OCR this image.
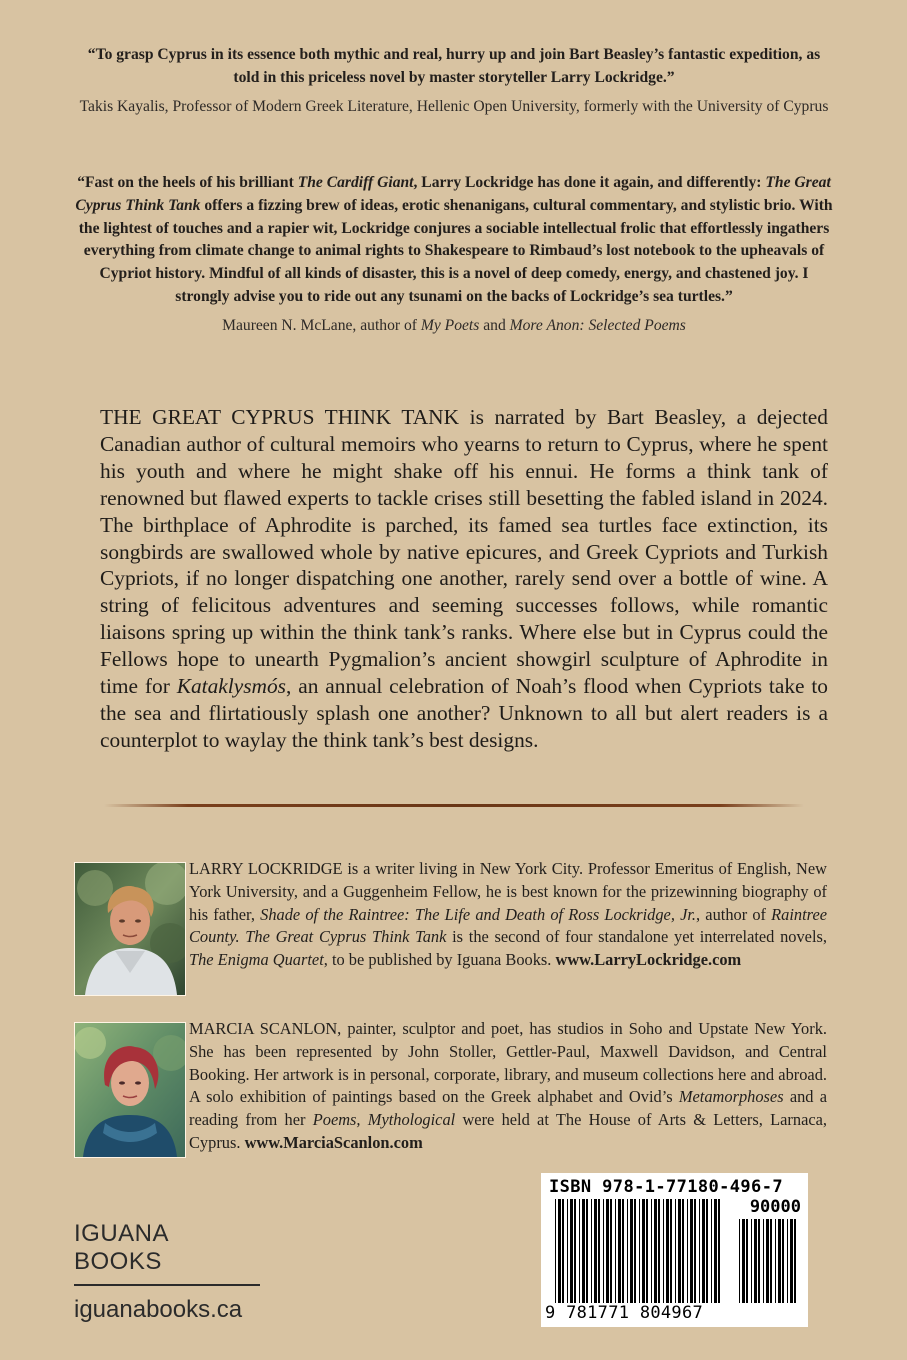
“To grasp Cyprus in its essence both mythic and real, hurry up and join Bart Beasley’s fantastic expedition, as told in this priceless novel by master storyteller Larry Lockridge.”
Takis Kayalis, Professor of Modern Greek Literature, Hellenic Open University, formerly with the University of Cyprus
“Fast on the heels of his brilliant The Cardiff Giant, Larry Lockridge has done it again, and differently: The Great Cyprus Think Tank offers a fizzing brew of ideas, erotic shenanigans, cultural commentary, and stylistic brio. With the lightest of touches and a rapier wit, Lockridge conjures a sociable intellectual frolic that effortlessly ingathers everything from climate change to animal rights to Shakespeare to Rimbaud’s lost notebook to the upheavals of Cypriot history. Mindful of all kinds of disaster, this is a novel of deep comedy, energy, and chastened joy. I strongly advise you to ride out any tsunami on the backs of Lockridge’s sea turtles.”
Maureen N. McLane, author of My Poets and More Anon: Selected Poems
THE GREAT CYPRUS THINK TANK is narrated by Bart Beasley, a dejected Canadian author of cultural memoirs who yearns to return to Cyprus, where he spent his youth and where he might shake off his ennui. He forms a think tank of renowned but flawed experts to tackle crises still besetting the fabled island in 2024. The birthplace of Aphrodite is parched, its famed sea turtles face extinction, its songbirds are swallowed whole by native epicures, and Greek Cypriots and Turkish Cypriots, if no longer dispatching one another, rarely send over a bottle of wine. A string of felicitous adventures and seeming successes follows, while romantic liaisons spring up within the think tank’s ranks. Where else but in Cyprus could the Fellows hope to unearth Pygmalion’s ancient showgirl sculpture of Aphrodite in time for Kataklysmós, an annual celebration of Noah’s flood when Cypriots take to the sea and flirtatiously splash one another? Unknown to all but alert readers is a counterplot to waylay the think tank’s best designs.
LARRY LOCKRIDGE is a writer living in New York City. Professor Emeritus of English, New York University, and a Guggenheim Fellow, he is best known for the prizewinning biography of his father, Shade of the Raintree: The Life and Death of Ross Lockridge, Jr., author of Raintree County. The Great Cyprus Think Tank is the second of four standalone yet interrelated novels, The Enigma Quartet, to be published by Iguana Books. www.LarryLockridge.com
MARCIA SCANLON, painter, sculptor and poet, has studios in Soho and Upstate New York. She has been represented by John Stoller, Gettler-Paul, Maxwell Davidson, and Central Booking. Her artwork is in personal, corporate, library, and museum collections here and abroad. A solo exhibition of paintings based on the Greek alphabet and Ovid’s Metamorphoses and a reading from her Poems, Mythological were held at The House of Arts & Letters, Larnaca, Cyprus. www.MarciaScanlon.com
IGUANA BOOKS
iguanabooks.ca
ISBN 978-1-77180-496-7
90000
9 781771 804967
